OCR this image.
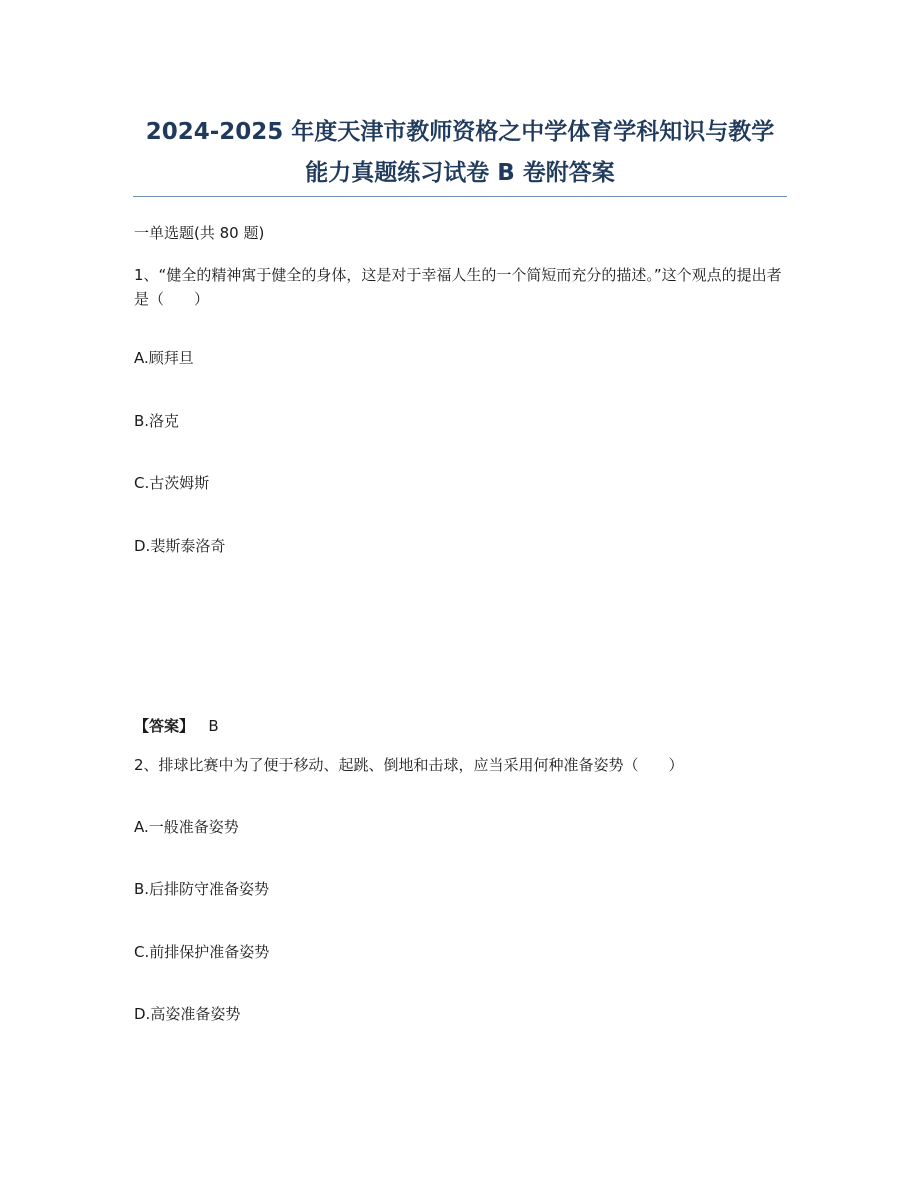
2024-2025 年度天津市教师资格之中学体育学科知识与教学
能力真题练习试卷 B 卷附答案

一单选题(共 80 题)

1、“健全的精神寓于健全的身体，这是对于幸福人生的一个简短而充分的描述。”这个观点的提出者是（　　）

A.顾拜旦

B.洛克

C.古茨姆斯

D.裴斯泰洛奇

【答案】 B

2、排球比赛中为了便于移动、起跳、倒地和击球，应当采用何种准备姿势（　　）

A.一般准备姿势

B.后排防守准备姿势

C.前排保护准备姿势

D.高姿准备姿势
